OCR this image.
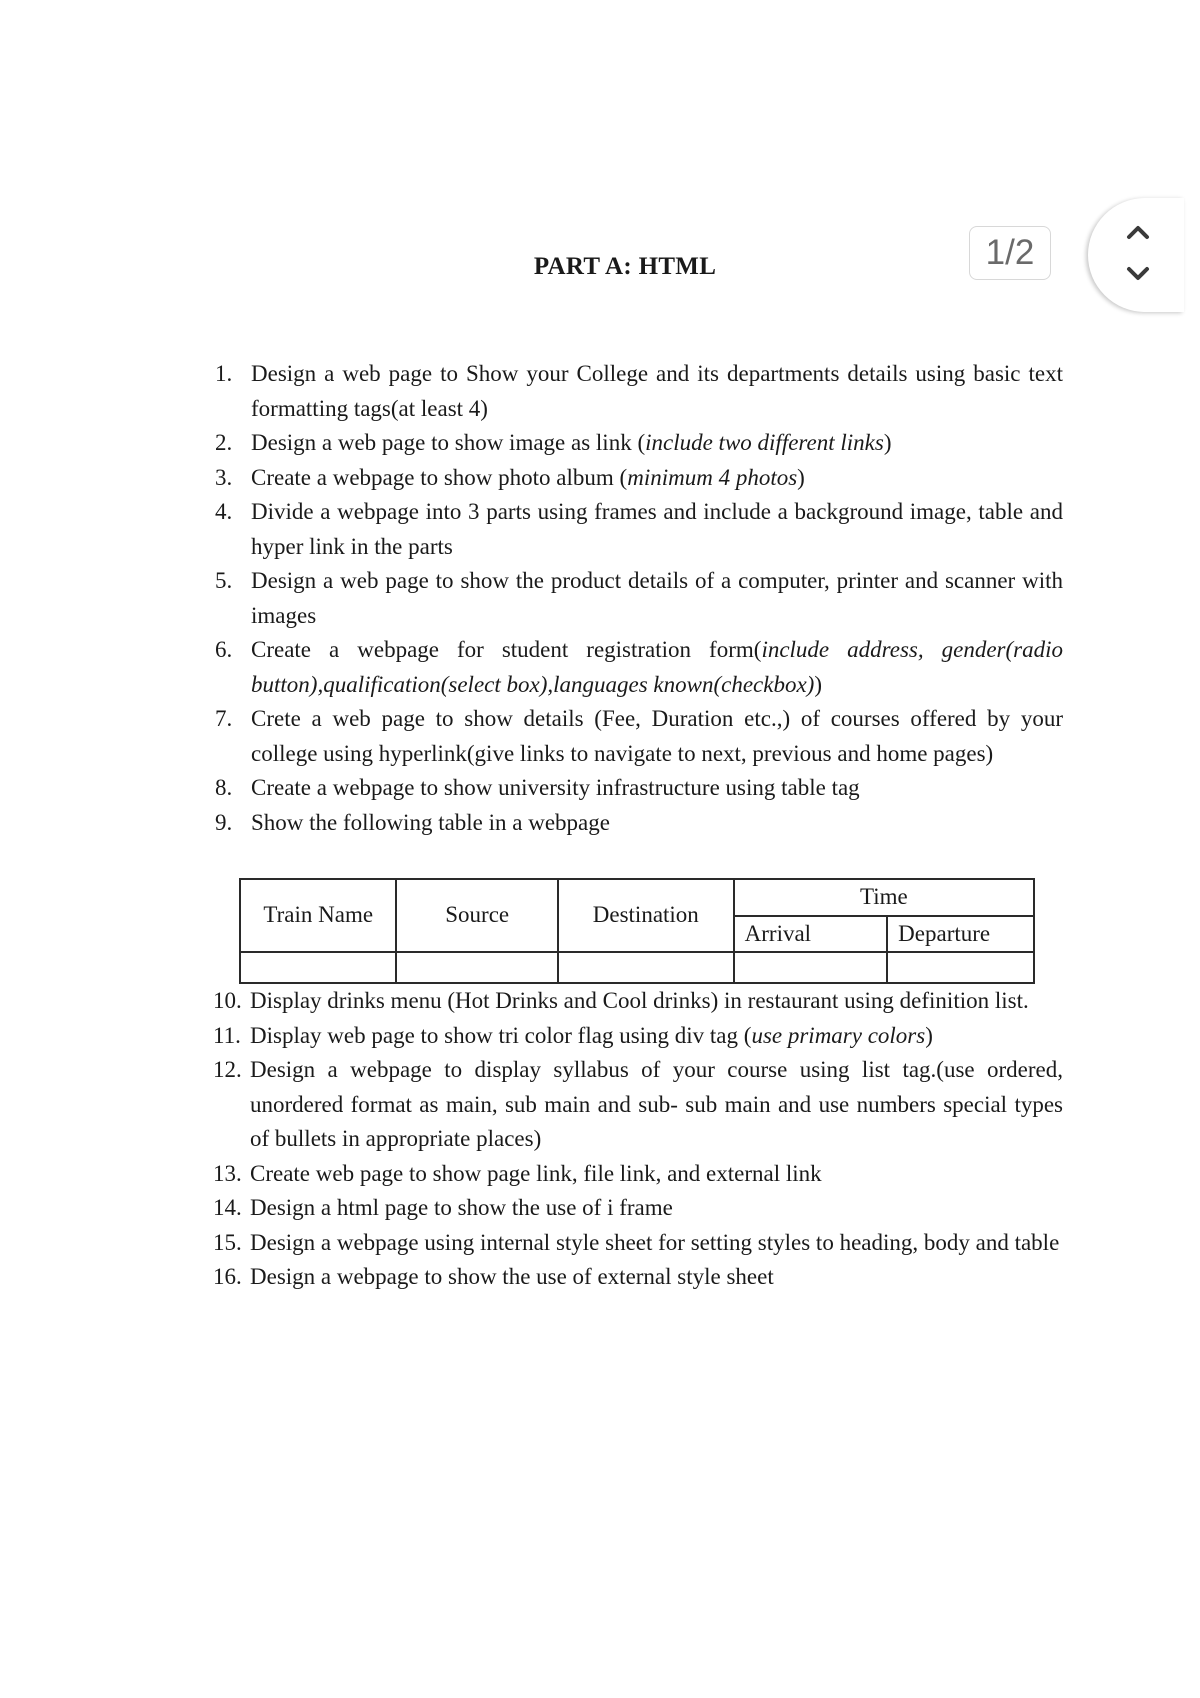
1/2
PART A: HTML
1. Design a web page to Show your College and its departments details using basic text formatting tags(at least 4)
2. Design a web page to show image as link (include two different links)
3. Create a webpage to show photo album (minimum 4 photos)
4. Divide a webpage into 3 parts using frames and include a background image, table and hyper link in the parts
5. Design a web page to show the product details of a computer, printer and scanner with images
6. Create a webpage for student registration form(include address, gender(radio button),qualification(select box),languages known(checkbox))
7. Crete a web page to show details (Fee, Duration etc.,) of courses offered by your college using hyperlink(give links to navigate to next, previous and home pages)
8. Create a webpage to show university infrastructure using table tag
9. Show the following table in a webpage
Train Name	Source	Destination	Time	
			Arrival	Departure

10. Display drinks menu (Hot Drinks and Cool drinks) in restaurant using definition list.
11. Display web page to show tri color flag using div tag (use primary colors)
12. Design a webpage to display syllabus of your course using list tag.(use ordered, unordered format as main, sub main and sub- sub main and use numbers special types of bullets in appropriate places)
13. Create web page to show page link, file link, and external link
14. Design a html page to show the use of i frame
15. Design a webpage using internal style sheet for setting styles to heading, body and table
16. Design a webpage to show the use of external style sheet
